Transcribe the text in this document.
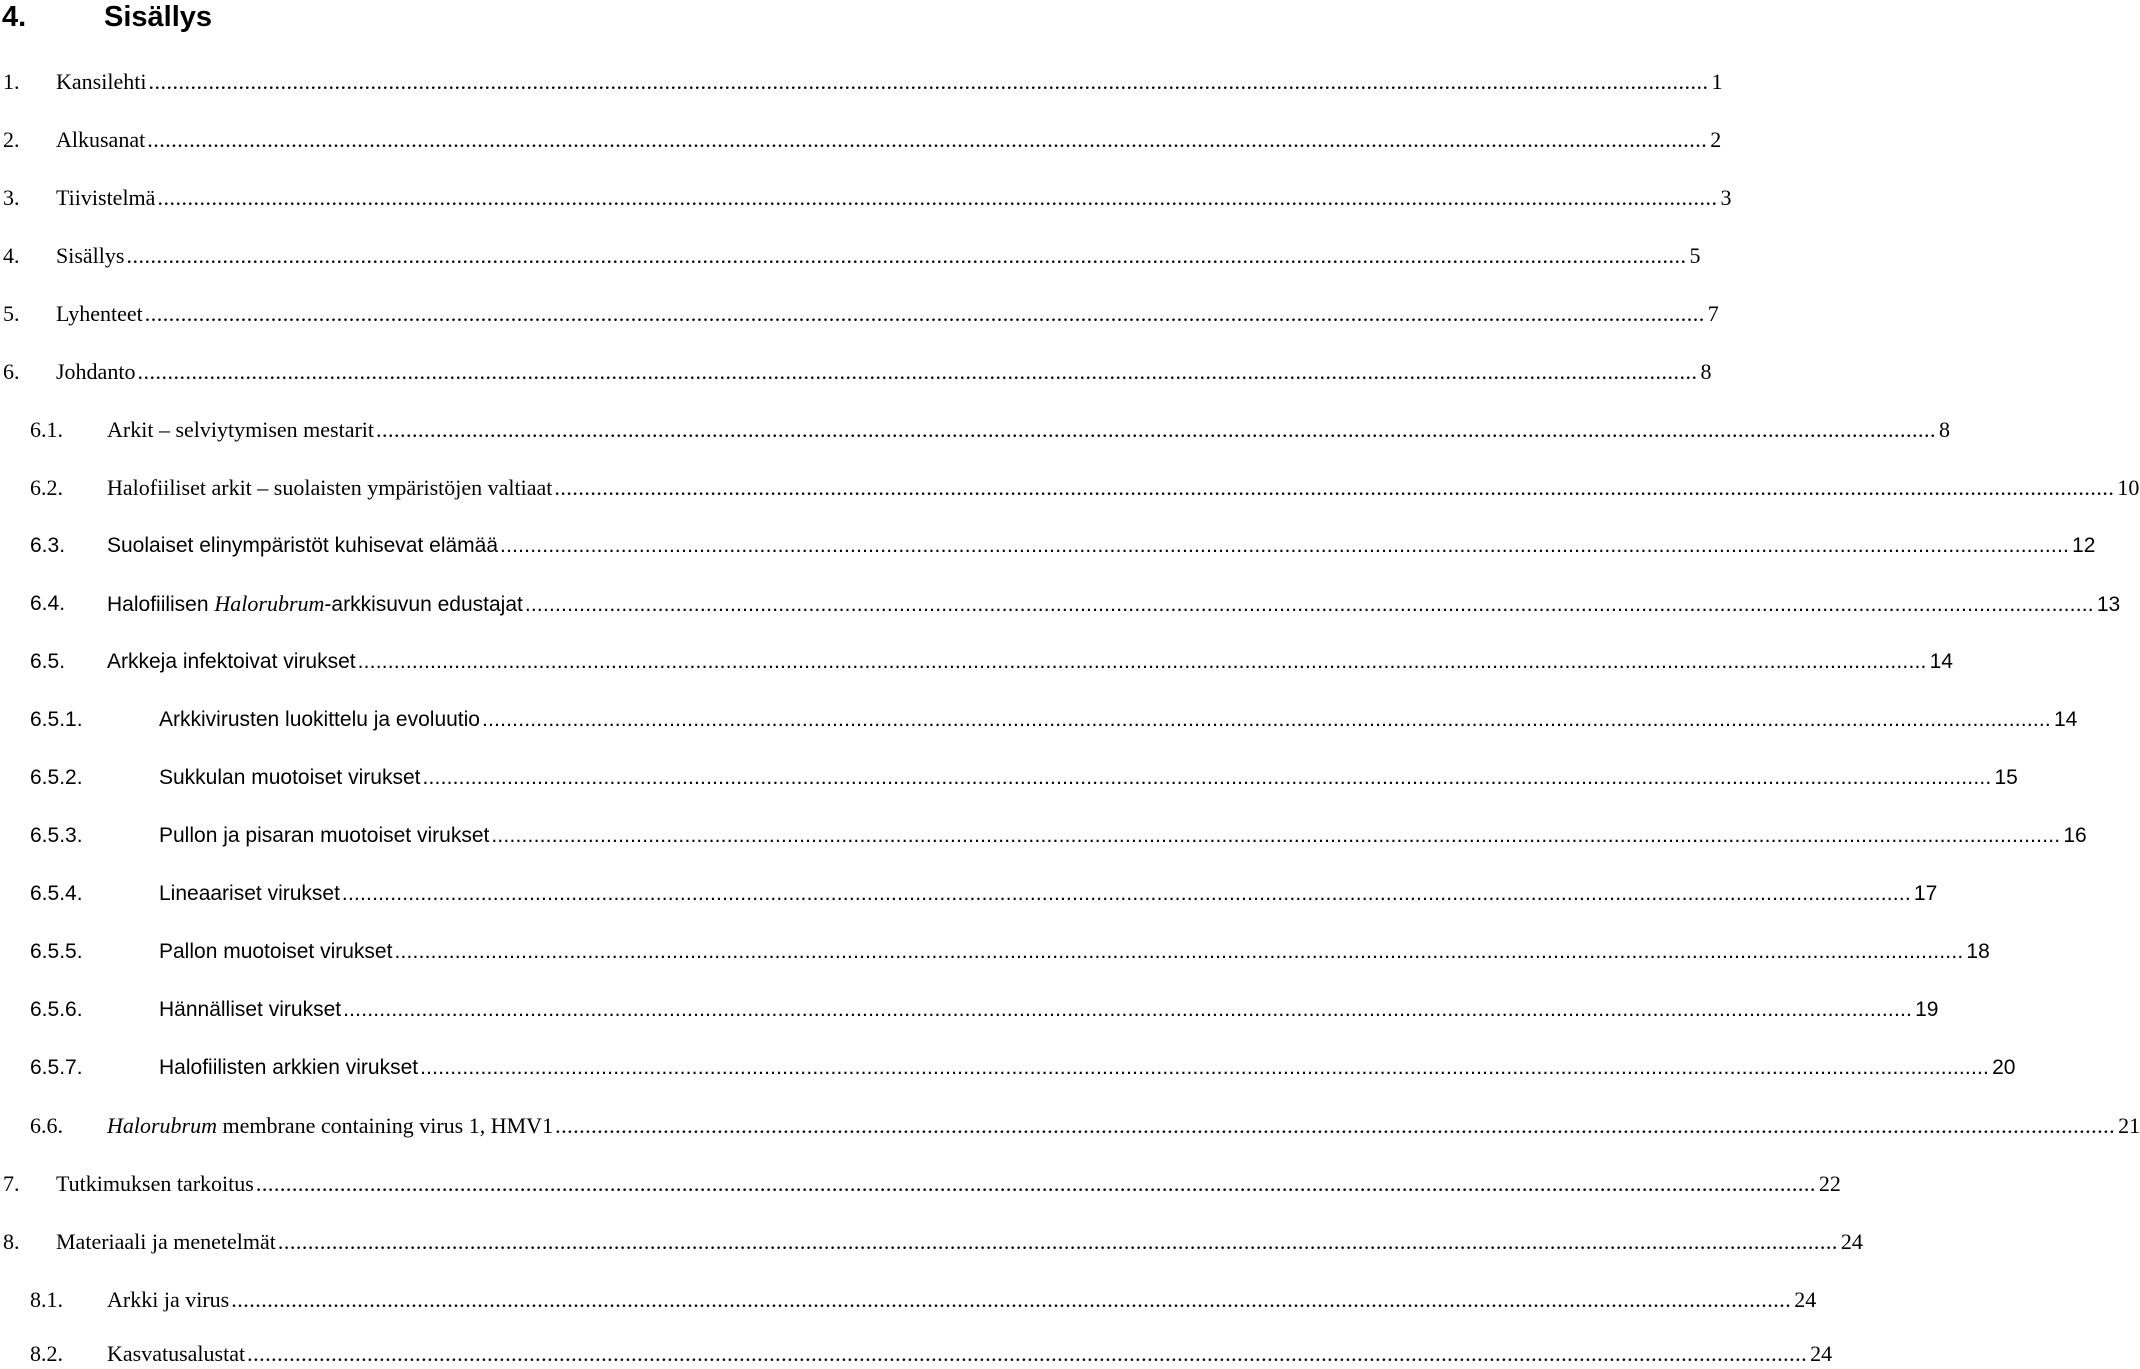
4.	Sisällys
1. Kansilehti .................................................................................................................................................................................................................................................................... 1
2. Alkusanat .................................................................................................................................................................................................................................................................... 2
3. Tiivistelmä .................................................................................................................................................................................................................................................................... 3
4. Sisällys .................................................................................................................................................................................................................................................................... 5
5. Lyhenteet .................................................................................................................................................................................................................................................................... 7
6. Johdanto .................................................................................................................................................................................................................................................................... 8
6.1. Arkit – selviytymisen mestarit .................................................................................................................................................................................................................................................................... 8
6.2. Halofiiliset arkit – suolaisten ympäristöjen valtiaat .................................................................................................................................................................................................................................................................... 10
6.3. Suolaiset elinympäristöt kuhisevat elämää .................................................................................................................................................................................................................................................................... 12
6.4. Halofiilisen Halorubrum-arkkisuvun edustajat .................................................................................................................................................................................................................................................................... 13
6.5. Arkkeja infektoivat virukset .................................................................................................................................................................................................................................................................... 14
6.5.1.	Arkkivirusten luokittelu ja evoluutio .................................................................................................................................................................................................................................................................... 14
6.5.2.	Sukkulan muotoiset virukset .................................................................................................................................................................................................................................................................... 15
6.5.3.	Pullon ja pisaran muotoiset virukset .................................................................................................................................................................................................................................................................... 16
6.5.4.	Lineaariset virukset .................................................................................................................................................................................................................................................................... 17
6.5.5.	Pallon muotoiset virukset .................................................................................................................................................................................................................................................................... 18
6.5.6.	Hännälliset virukset .................................................................................................................................................................................................................................................................... 19
6.5.7.	Halofiilisten arkkien virukset .................................................................................................................................................................................................................................................................... 20
6.6. Halorubrum membrane containing virus 1, HMV1 .................................................................................................................................................................................................................................................................... 21
7. Tutkimuksen tarkoitus .................................................................................................................................................................................................................................................................... 22
8. Materiaali ja menetelmät .................................................................................................................................................................................................................................................................... 24
8.1. Arkki ja virus .................................................................................................................................................................................................................................................................... 24
8.2. Kasvatusalustat .................................................................................................................................................................................................................................................................... 24
